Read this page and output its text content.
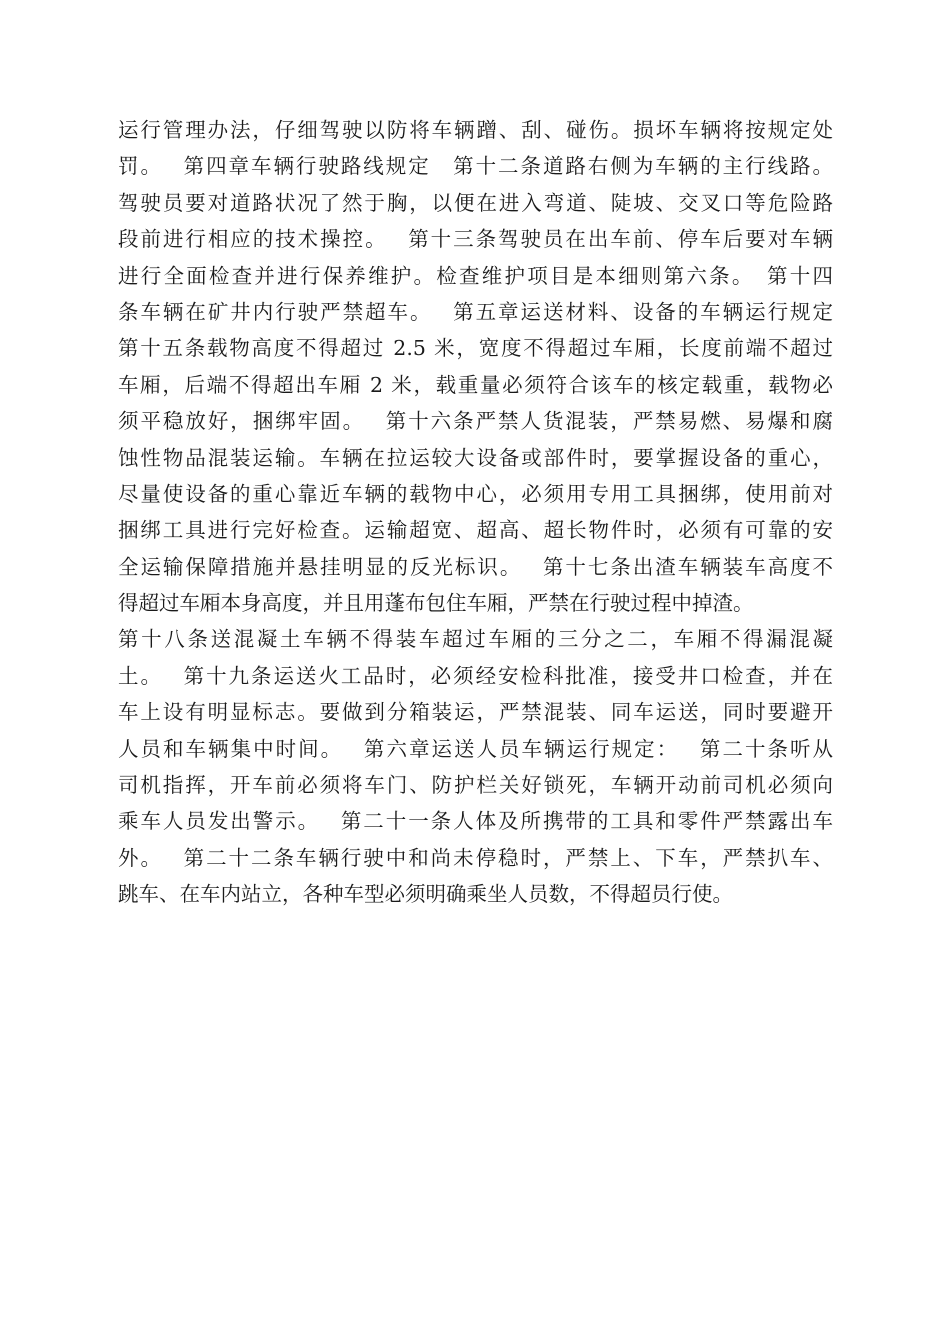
运行管理办法，仔细驾驶以防将车辆蹭、刮、碰伤。损坏车辆将按规定处
罚。　 第四章车辆行驶路线规定　第十二条道路右侧为车辆的主行线路。
驾驶员要对道路状况了然于胸，以便在进入弯道、陡坡、交叉口等危险路
段前进行相应的技术操控。　 第十三条驾驶员在出车前、停车后要对车辆
进行全面检查并进行保养维护。检查维护项目是本细则第六条。　第十四
条车辆在矿井内行驶严禁超车。　 第五章运送材料、设备的车辆运行规定
第十五条载物高度不得超过 2.5 米，宽度不得超过车厢，长度前端不超过
车厢，后端不得超出车厢 2 米，载重量必须符合该车的核定载重，载物必
须平稳放好，捆绑牢固。　 第十六条严禁人货混装，严禁易燃、易爆和腐
蚀性物品混装运输。车辆在拉运较大设备或部件时，要掌握设备的重心，
尽量使设备的重心靠近车辆的载物中心，必须用专用工具捆绑，使用前对
捆绑工具进行完好检查。运输超宽、超高、超长物件时，必须有可靠的安
全运输保障措施并悬挂明显的反光标识。　 第十七条出渣车辆装车高度不
得超过车厢本身高度，并且用蓬布包住车厢，严禁在行驶过程中掉渣。
第十八条送混凝土车辆不得装车超过车厢的三分之二，车厢不得漏混凝
土。　 第十九条运送火工品时，必须经安检科批准，接受井口检查，并在
车上设有明显标志。要做到分箱装运，严禁混装、同车运送，同时要避开
人员和车辆集中时间。　 第六章运送人员车辆运行规定：　 第二十条听从
司机指挥，开车前必须将车门、防护栏关好锁死，车辆开动前司机必须向
乘车人员发出警示。　 第二十一条人体及所携带的工具和零件严禁露出车
外。　 第二十二条车辆行驶中和尚未停稳时，严禁上、下车，严禁扒车、
跳车、在车内站立，各种车型必须明确乘坐人员数，不得超员行使。
